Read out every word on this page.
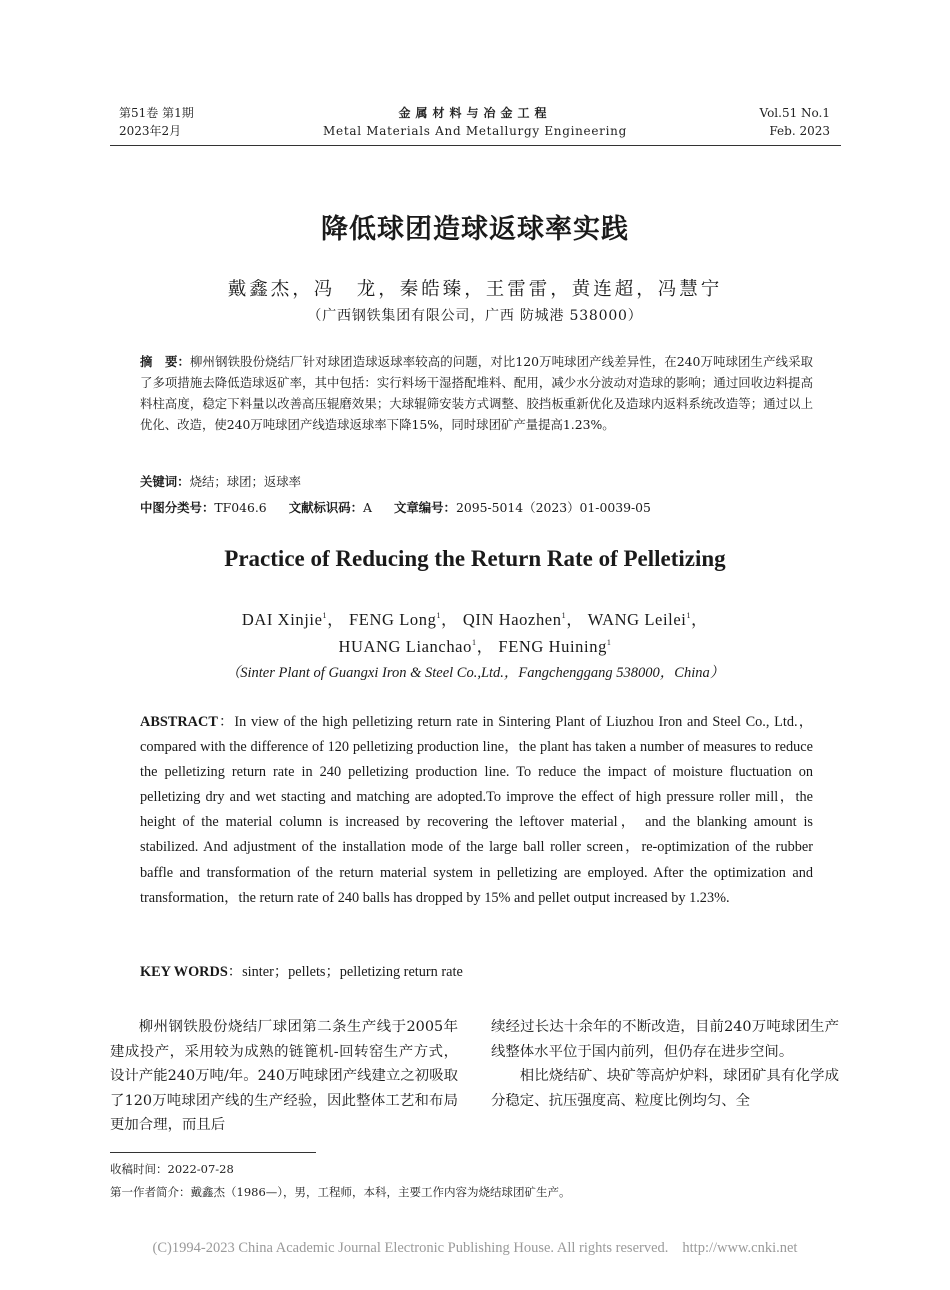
第51卷 第1期
2023年2月
金属材料与冶金工程
Metal Materials And Metallurgy Engineering
Vol.51 No.1
Feb. 2023
降低球团造球返球率实践
戴鑫杰，冯　龙，秦皓臻，王雷雷，黄连超，冯慧宁
（广西钢铁集团有限公司，广西 防城港 538000）
摘　要：柳州钢铁股份烧结厂针对球团造球返球率较高的问题，对比120万吨球团产线差异性，在240万吨球团生产线采取了多项措施去降低造球返矿率，其中包括：实行料场干湿搭配堆料、配用，减少水分波动对造球的影响；通过回收边料提高料柱高度，稳定下料量以改善高压辊磨效果；大球辊筛安装方式调整、胶挡板重新优化及造球内返料系统改造等；通过以上优化、改造，使240万吨球团产线造球返球率下降15%，同时球团矿产量提高1.23%。
关键词：烧结；球团；返球率
中图分类号：TF046.6 文献标识码：A 文章编号：2095-5014（2023）01-0039-05
Practice of Reducing the Return Rate of Pelletizing
DAI Xinjie$^1$， FENG Long$^1$， QIN Haozhen$^1$， WANG Leilei$^1$，
HUANG Lianchao$^1$， FENG Huining$^1$
（Sinter Plant of Guangxi Iron & Steel Co.,Ltd.，Fangchenggang 538000，China）
ABSTRACT：In view of the high pelletizing return rate in Sintering Plant of Liuzhou Iron and Steel Co., Ltd.，compared with the difference of 120 pelletizing production line，the plant has taken a number of measures to reduce the pelletizing return rate in 240 pelletizing production line. To reduce the impact of moisture fluctuation on pelletizing dry and wet stacting and matching are adopted.To improve the effect of high pressure roller mill，the height of the material column is increased by recovering the leftover material， and the blanking amount is stabilized. And adjustment of the installation mode of the large ball roller screen，re-optimization of the rubber baffle and transformation of the return material system in pelletizing are employed. After the optimization and transformation，the return rate of 240 balls has dropped by 15% and pellet output increased by 1.23%.
KEY WORDS：sinter；pellets；pelletizing return rate
柳州钢铁股份烧结厂球团第二条生产线于2005年建成投产，采用较为成熟的链篦机-回转窑生产方式，设计产能240万吨/年。240万吨球团产线建立之初吸取了120万吨球团产线的生产经验，因此整体工艺和布局更加合理，而且后
续经过长达十余年的不断改造，目前240万吨球团生产线整体水平位于国内前列，但仍存在进步空间。
相比烧结矿、块矿等高炉炉料，球团矿具有化学成分稳定、抗压强度高、粒度比例均匀、全
收稿时间：2022-07-28
第一作者简介：戴鑫杰（1986—），男，工程师，本科，主要工作内容为烧结球团矿生产。
(C)1994-2023 China Academic Journal Electronic Publishing House. All rights reserved. http://www.cnki.net
